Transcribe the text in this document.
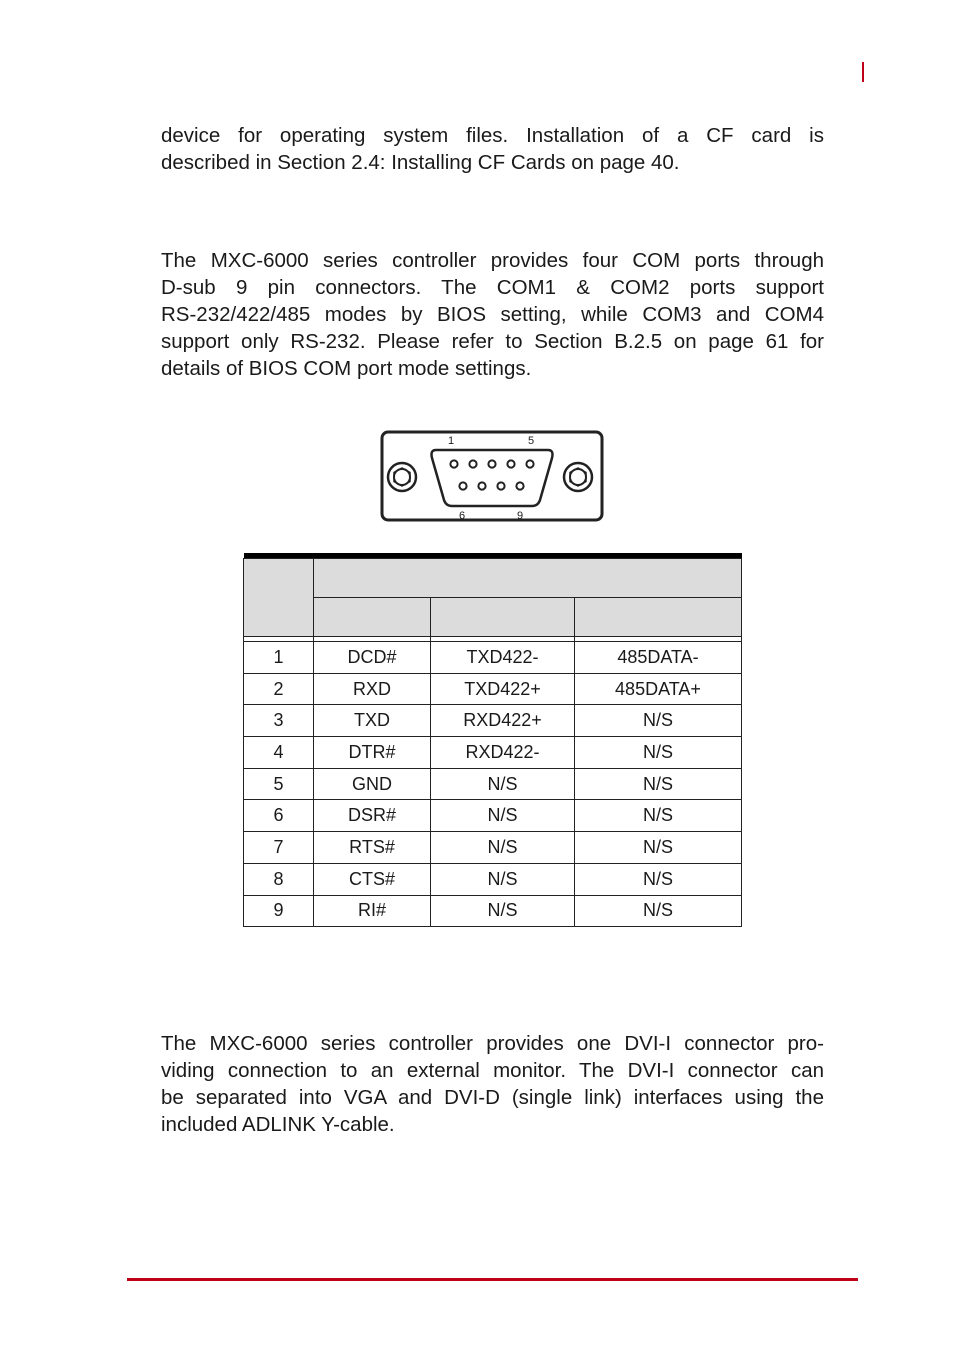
device for operating system files. Installation of a CF card is
described in Section 2.4: Installing CF Cards on page 40.
The MXC-6000 series controller provides four COM ports through
D-sub 9 pin connectors. The COM1 & COM2 ports support
RS-232/422/485 modes by BIOS setting, while COM3 and COM4
support only RS-232. Please refer to Section B.2.5 on page 61 for
details of BIOS COM port mode settings.
1	5
6	9

1	DCD#	TXD422-	485DATA-
2	RXD	TXD422+	485DATA+
3	TXD	RXD422+	N/S
4	DTR#	RXD422-	N/S
5	GND	N/S	N/S
6	DSR#	N/S	N/S
7	RTS#	N/S	N/S
8	CTS#	N/S	N/S
9	RI#	N/S	N/S
The MXC-6000 series controller provides one DVI-I connector pro-
viding connection to an external monitor. The DVI-I connector can
be separated into VGA and DVI-D (single link) interfaces using the
included ADLINK Y-cable.
